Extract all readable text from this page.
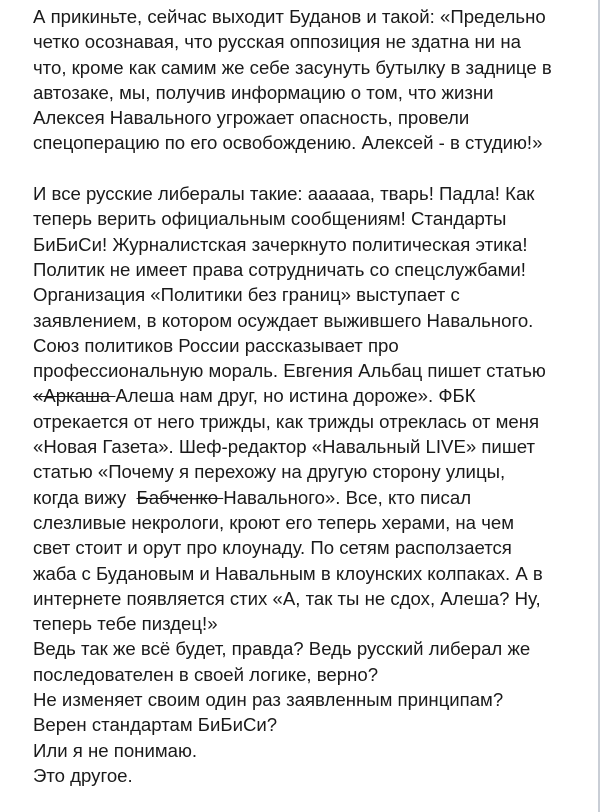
А прикиньте, сейчас выходит Буданов и такой: «Предельно
четко осознавая, что русская оппозиция не здатна ни на
что, кроме как самим же себе засунуть бутылку в заднице в
автозаке, мы, получив информацию о том, что жизни
Алексея Навального угрожает опасность, провели
спецоперацию по его освобождению. Алексей - в студию!»
И все русские либералы такие: аааааа, тварь! Падла! Как
теперь верить официальным сообщениям! Стандарты
БиБиСи! Журналистская зачеркнуто политическая этика!
Политик не имеет права сотрудничать со спецслужбами!
Организация «Политики без границ» выступает с
заявлением, в котором осуждает выжившего Навального.
Союз политиков России рассказывает про
профессиональную мораль. Евгения Альбац пишет статью
«Аркаша Алеша нам друг, но истина дороже». ФБК
отрекается от него трижды, как трижды отреклась от меня
«Новая Газета». Шеф-редактор «Навальный LIVE» пишет
статью «Почему я перехожу на другую сторону улицы,
когда вижу  Бабченко Навального». Все, кто писал
слезливые некрологи, кроют его теперь херами, на чем
свет стоит и орут про клоунаду. По сетям расползается
жаба с Будановым и Навальным в клоунских колпаках. А в
интернете появляется стих «А, так ты не сдох, Алеша? Ну,
теперь тебе пиздец!»
Ведь так же всё будет, правда? Ведь русский либерал же
последователен в своей логике, верно?
Не изменяет своим один раз заявленным принципам?
Верен стандартам БиБиСи?
Или я не понимаю.
Это другое.
